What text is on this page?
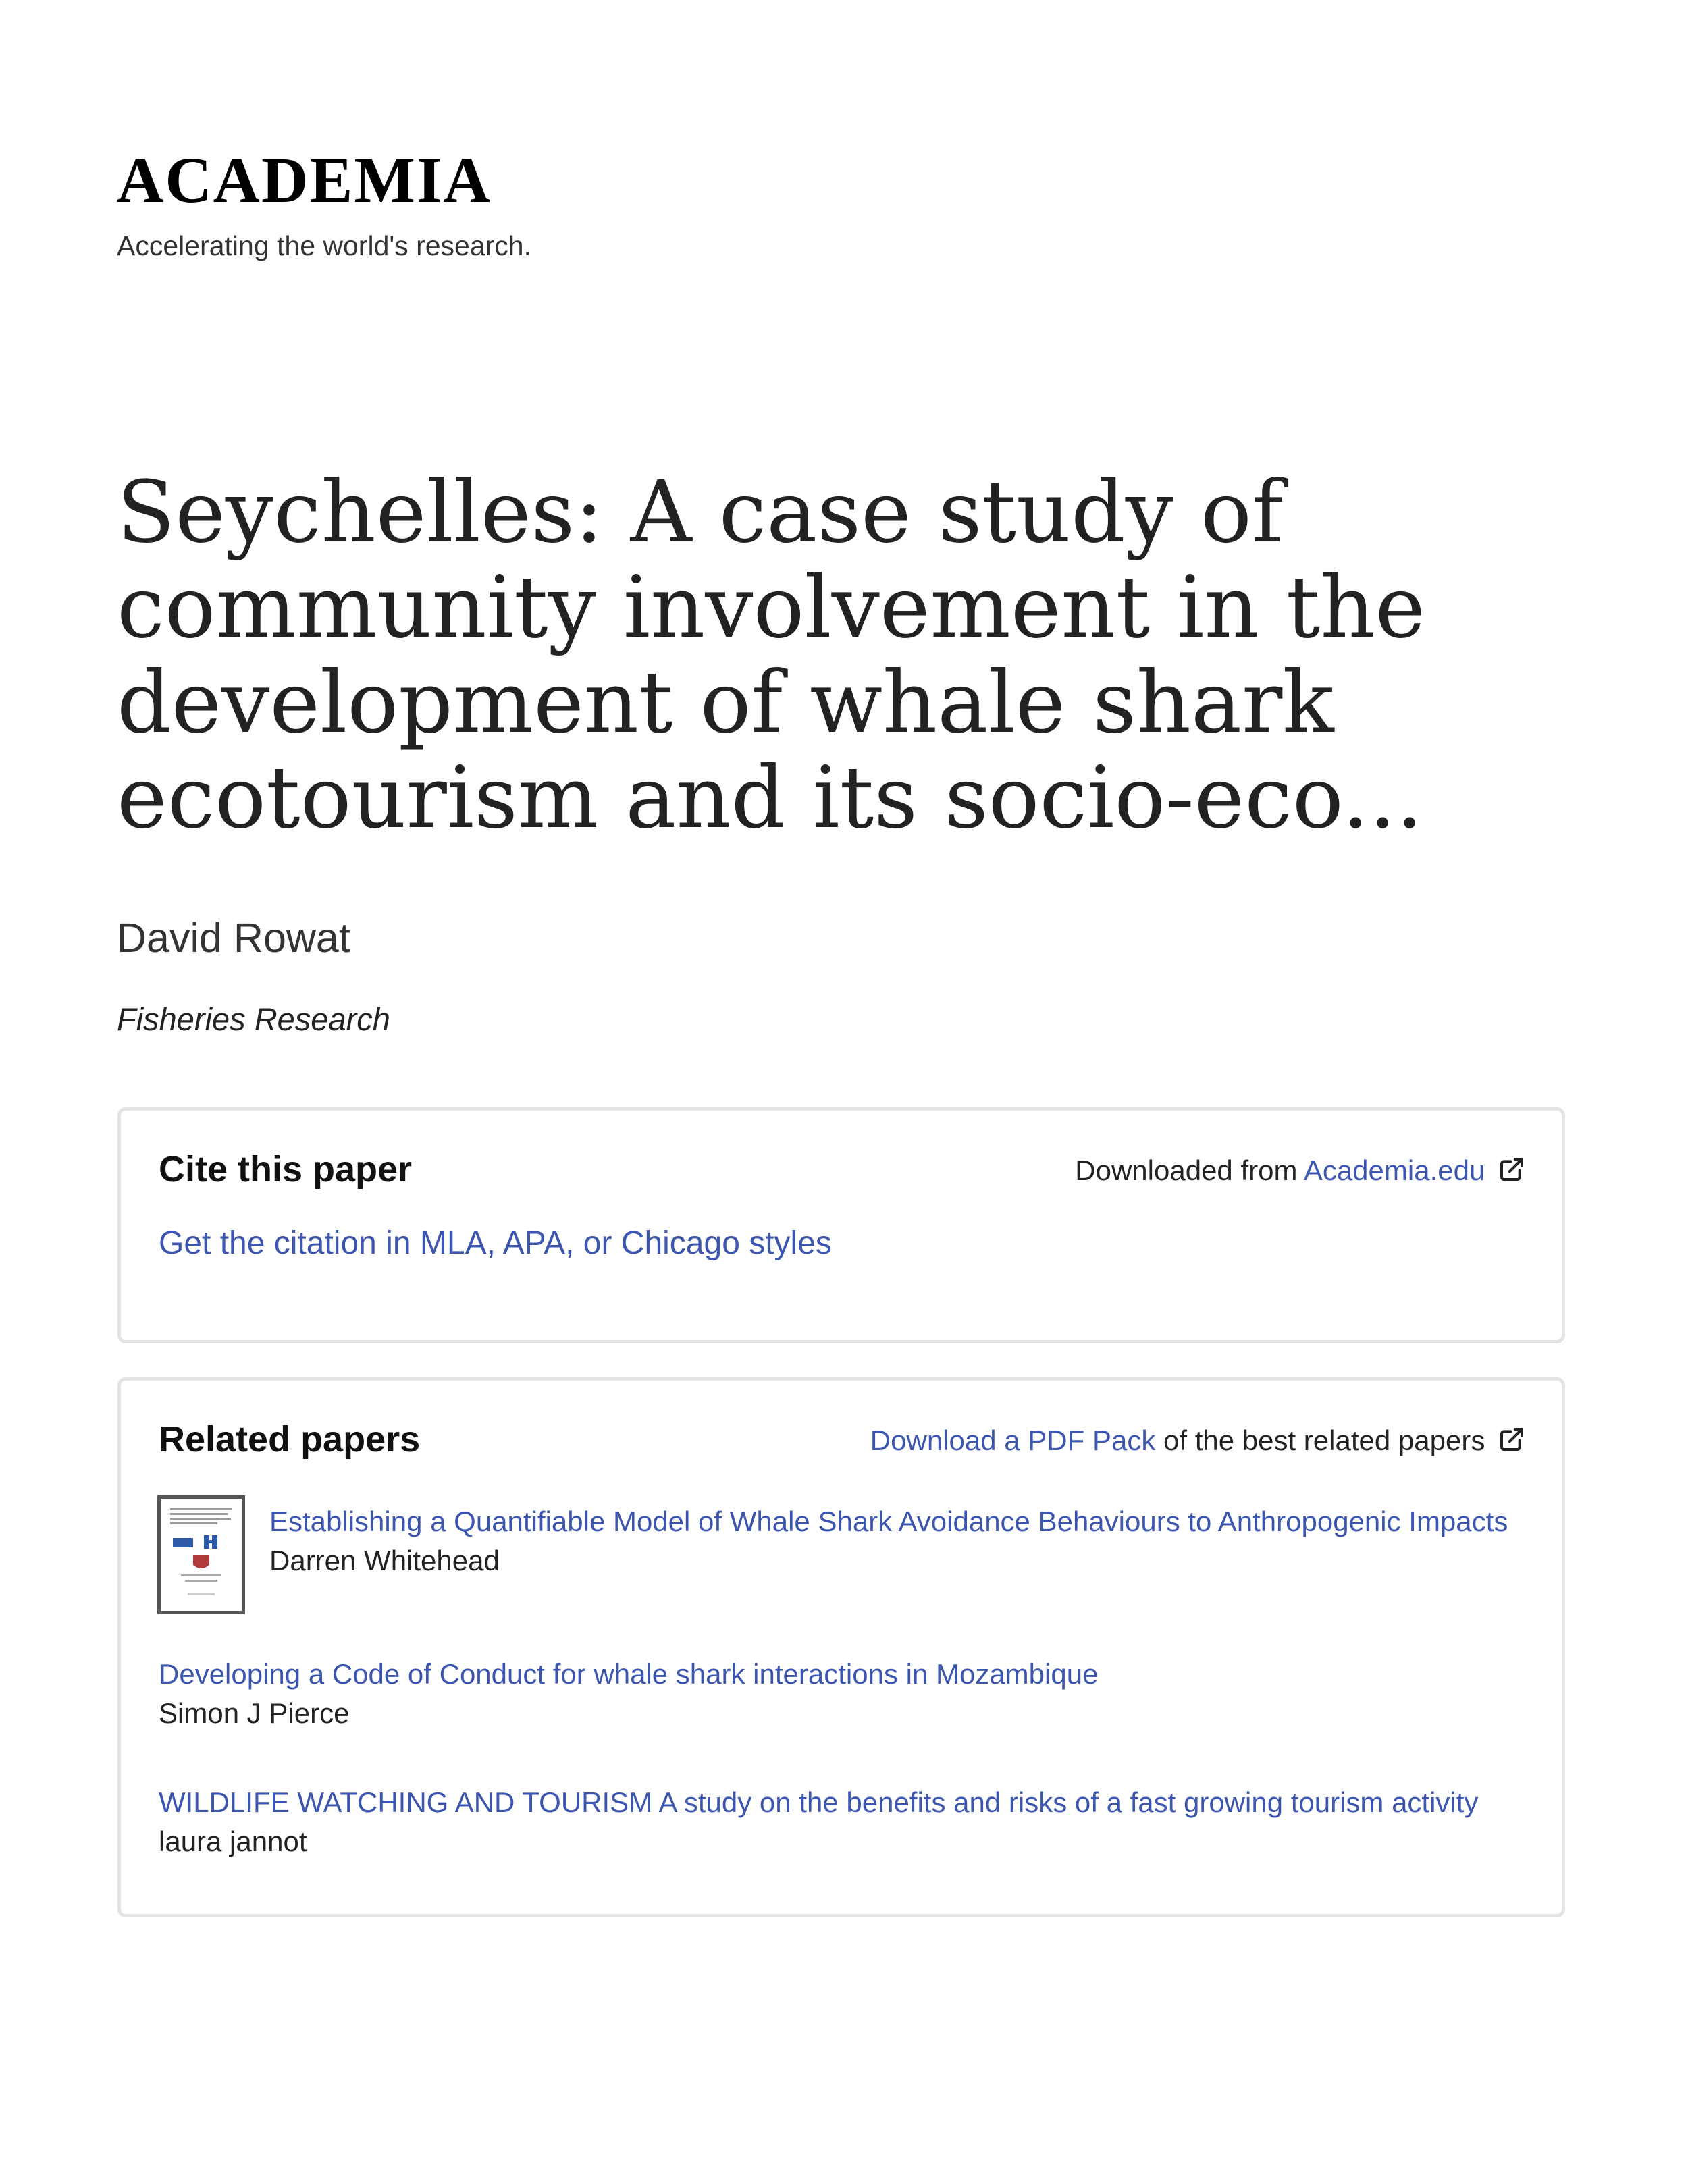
ACADEMIA

Accelerating the world's research.

Seychelles: A case study of community involvement in the development of whale shark ecotourism and its socio-eco...

David Rowat

Fisheries Research

Cite this paper	Downloaded from Academia.edu
Get the citation in MLA, APA, or Chicago styles
Related papers	Download a PDF Pack of the best related papers
Establishing a Quantifiable Model of Whale Shark Avoidance Behaviours to Anthropogenic Impacts
Darren Whitehead
Developing a Code of Conduct for whale shark interactions in Mozambique
Simon J Pierce
WILDLIFE WATCHING AND TOURISM A study on the benefits and risks of a fast growing tourism activity
laura jannot
